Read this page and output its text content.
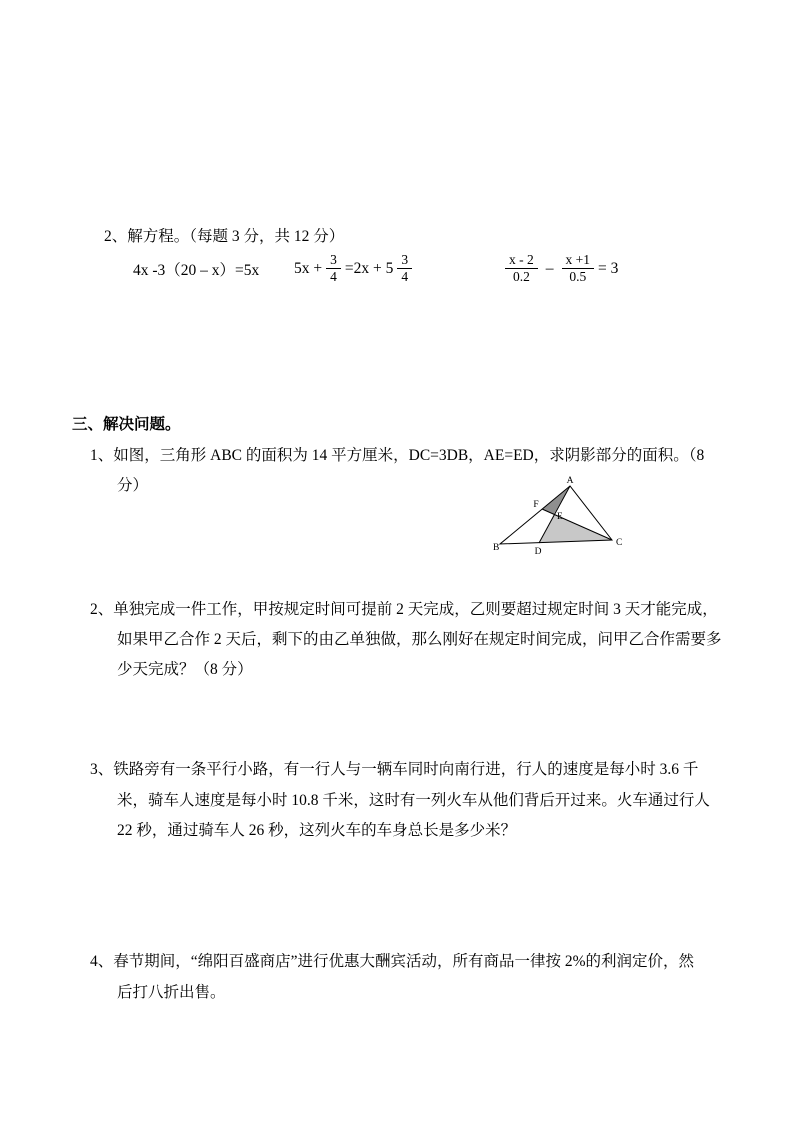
2、解方程。（每题 3 分，共 12 分）
4x -3（20 – x）=5x $5x + \frac{3}{4} =2x + 5 \frac{3}{4}$	$\frac{x - 2}{0.2} - \frac{x +1}{0.5} = 3$
三、解决问题。
1、如图，三角形 ABC 的面积为 14 平方厘米，DC=3DB，AE=ED，求阴影部分的面积。（8
分）	A
B	C
D
E
F
2、单独完成一件工作，甲按规定时间可提前 2 天完成，乙则要超过规定时间 3 天才能完成，
如果甲乙合作 2 天后，剩下的由乙单独做，那么刚好在规定时间完成，问甲乙合作需要多
少天完成？（8 分）
3、铁路旁有一条平行小路，有一行人与一辆车同时向南行进，行人的速度是每小时 3.6 千
米，骑车人速度是每小时 10.8 千米，这时有一列火车从他们背后开过来。火车通过行人
22 秒，通过骑车人 26 秒，这列火车的车身总长是多少米？
4、春节期间，“绵阳百盛商店”进行优惠大酬宾活动，所有商品一律按 2%的利润定价，然
后打八折出售。
